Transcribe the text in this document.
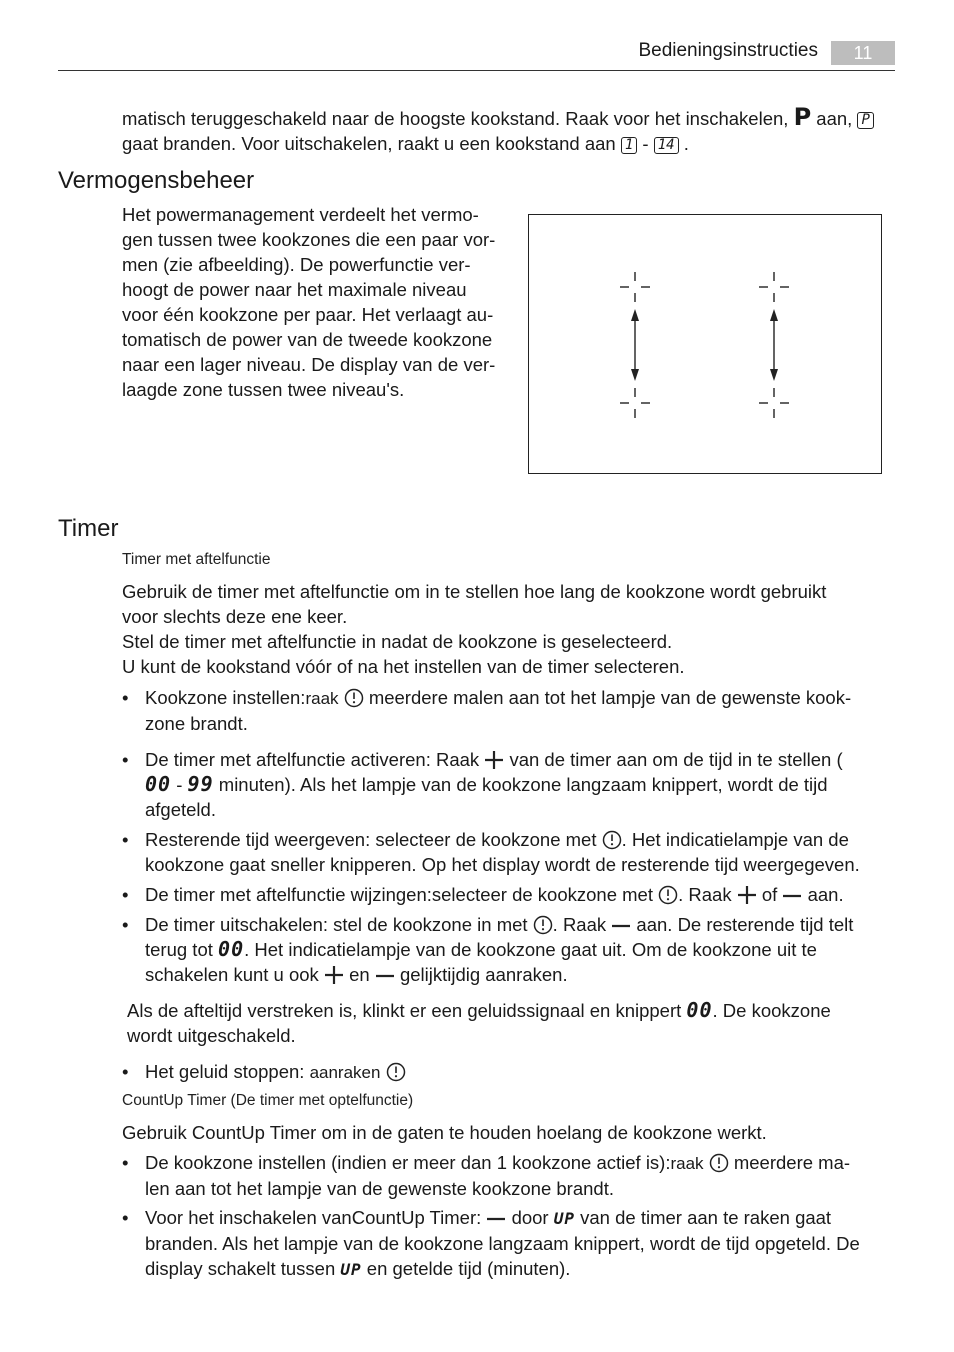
Bedieningsinstructies	11
matisch teruggeschakeld naar de hoogste kookstand. Raak voor het inschakelen, P aan, P
gaat branden. Voor uitschakelen, raakt u een kookstand aan 1 - 14 .
Vermogensbeheer
Het powermanagement verdeelt het vermo-
gen tussen twee kookzones die een paar vor-
men (zie afbeelding). De powerfunctie ver-
hoogt de power naar het maximale niveau
voor één kookzone per paar. Het verlaagt au-
tomatisch de power van de tweede kookzone
naar een lager niveau. De display van de ver-
laagde zone tussen twee niveau's.
Timer
Timer met aftelfunctie
Gebruik de timer met aftelfunctie om in te stellen hoe lang de kookzone wordt gebruikt
voor slechts deze ene keer.
Stel de timer met aftelfunctie in nadat de kookzone is geselecteerd.
U kunt de kookstand vóór of na het instellen van de timer selecteren.
• Kookzone instellen:raak meerdere malen aan tot het lampje van de gewenste kook-
zone brandt.
• De timer met aftelfunctie activeren: Raak van de timer aan om de tijd in te stellen (
00 - 99 minuten). Als het lampje van de kookzone langzaam knippert, wordt de tijd
afgeteld.
• Resterende tijd weergeven: selecteer de kookzone met . Het indicatielampje van de
kookzone gaat sneller knipperen. Op het display wordt de resterende tijd weergegeven.
• De timer met aftelfunctie wijzingen:selecteer de kookzone met . Raak of aan.
• De timer uitschakelen: stel de kookzone in met . Raak aan. De resterende tijd telt
terug tot 00. Het indicatielampje van de kookzone gaat uit. Om de kookzone uit te
schakelen kunt u ook en gelijktijdig aanraken.
Als de afteltijd verstreken is, klinkt er een geluidssignaal en knippert 00. De kookzone
wordt uitgeschakeld.
• Het geluid stoppen: aanraken
CountUp Timer (De timer met optelfunctie)
Gebruik CountUp Timer om in de gaten te houden hoelang de kookzone werkt.
• De kookzone instellen (indien er meer dan 1 kookzone actief is):raak meerdere ma-
len aan tot het lampje van de gewenste kookzone brandt.
• Voor het inschakelen vanCountUp Timer: door UP van de timer aan te raken gaat
branden. Als het lampje van de kookzone langzaam knippert, wordt de tijd opgeteld. De
display schakelt tussen UP en getelde tijd (minuten).
